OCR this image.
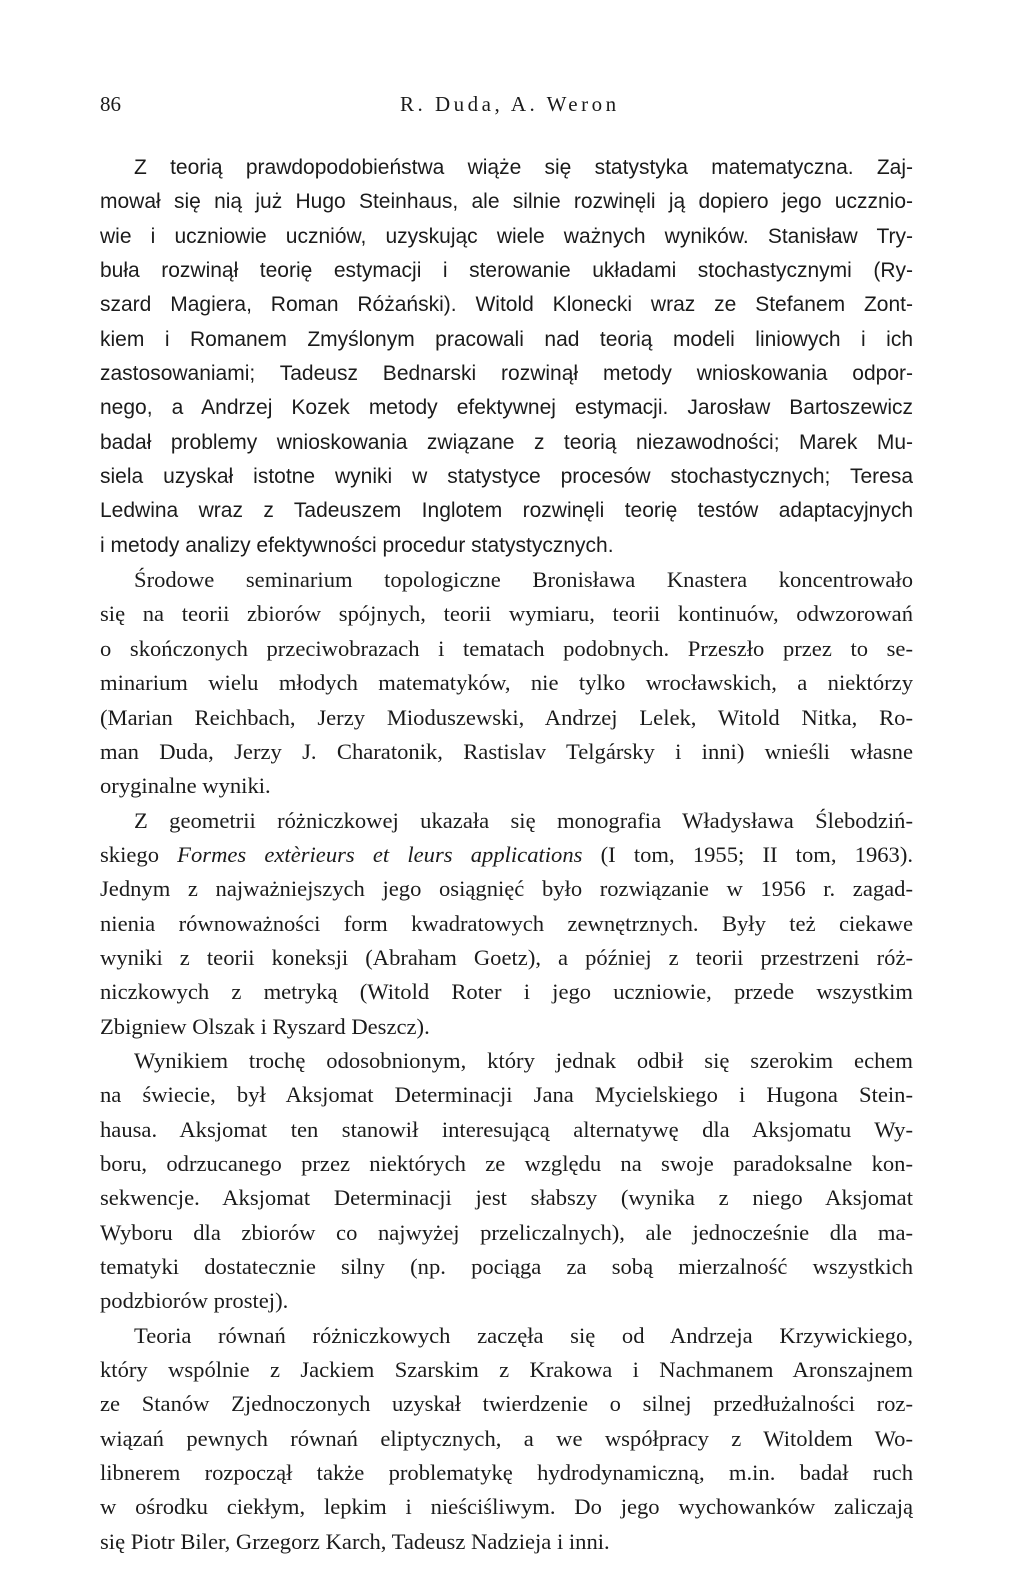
86	R. Duda, A. Weron
Z teorią prawdopodobieństwa wiąże się statystyka matematyczna. Zaj-
mował się nią już Hugo Steinhaus, ale silnie rozwinęli ją dopiero jego uczznio-
wie i uczniowie uczniów, uzyskując wiele ważnych wyników. Stanisław Try-
buła rozwinął teorię estymacji i sterowanie układami stochastycznymi (Ry-
szard Magiera, Roman Różański). Witold Klonecki wraz ze Stefanem Zont-
kiem i Romanem Zmyślonym pracowali nad teorią modeli liniowych i ich
zastosowaniami; Tadeusz Bednarski rozwinął metody wnioskowania odpor-
nego, a Andrzej Kozek metody efektywnej estymacji. Jarosław Bartoszewicz
badał problemy wnioskowania związane z teorią niezawodności; Marek Mu-
siela uzyskał istotne wyniki w statystyce procesów stochastycznych; Teresa
Ledwina wraz z Tadeuszem Inglotem rozwinęli teorię testów adaptacyjnych
i metody analizy efektywności procedur statystycznych.
Środowe seminarium topologiczne Bronisława Knastera koncentrowało
się na teorii zbiorów spójnych, teorii wymiaru, teorii kontinuów, odwzorowań
o skończonych przeciwobrazach i tematach podobnych. Przeszło przez to se-
minarium wielu młodych matematyków, nie tylko wrocławskich, a niektórzy
(Marian Reichbach, Jerzy Mioduszewski, Andrzej Lelek, Witold Nitka, Ro-
man Duda, Jerzy J. Charatonik, Rastislav Telgársky i inni) wnieśli własne
oryginalne wyniki.
Z geometrii różniczkowej ukazała się monografia Władysława Ślebodziń-
skiego Formes extèrieurs et leurs applications (I tom, 1955; II tom, 1963).
Jednym z najważniejszych jego osiągnięć było rozwiązanie w 1956 r. zagad-
nienia równoważności form kwadratowych zewnętrznych. Były też ciekawe
wyniki z teorii koneksji (Abraham Goetz), a później z teorii przestrzeni róż-
niczkowych z metryką (Witold Roter i jego uczniowie, przede wszystkim
Zbigniew Olszak i Ryszard Deszcz).
Wynikiem trochę odosobnionym, który jednak odbił się szerokim echem
na świecie, był Aksjomat Determinacji Jana Mycielskiego i Hugona Stein-
hausa. Aksjomat ten stanowił interesującą alternatywę dla Aksjomatu Wy-
boru, odrzucanego przez niektórych ze względu na swoje paradoksalne kon-
sekwencje. Aksjomat Determinacji jest słabszy (wynika z niego Aksjomat
Wyboru dla zbiorów co najwyżej przeliczalnych), ale jednocześnie dla ma-
tematyki dostatecznie silny (np. pociąga za sobą mierzalność wszystkich
podzbiorów prostej).
Teoria równań różniczkowych zaczęła się od Andrzeja Krzywickiego,
który wspólnie z Jackiem Szarskim z Krakowa i Nachmanem Aronszajnem
ze Stanów Zjednoczonych uzyskał twierdzenie o silnej przedłużalności roz-
wiązań pewnych równań eliptycznych, a we współpracy z Witoldem Wo-
libnerem rozpoczął także problematykę hydrodynamiczną, m.in. badał ruch
w ośrodku ciekłym, lepkim i nieściśliwym. Do jego wychowanków zaliczają
się Piotr Biler, Grzegorz Karch, Tadeusz Nadzieja i inni.
